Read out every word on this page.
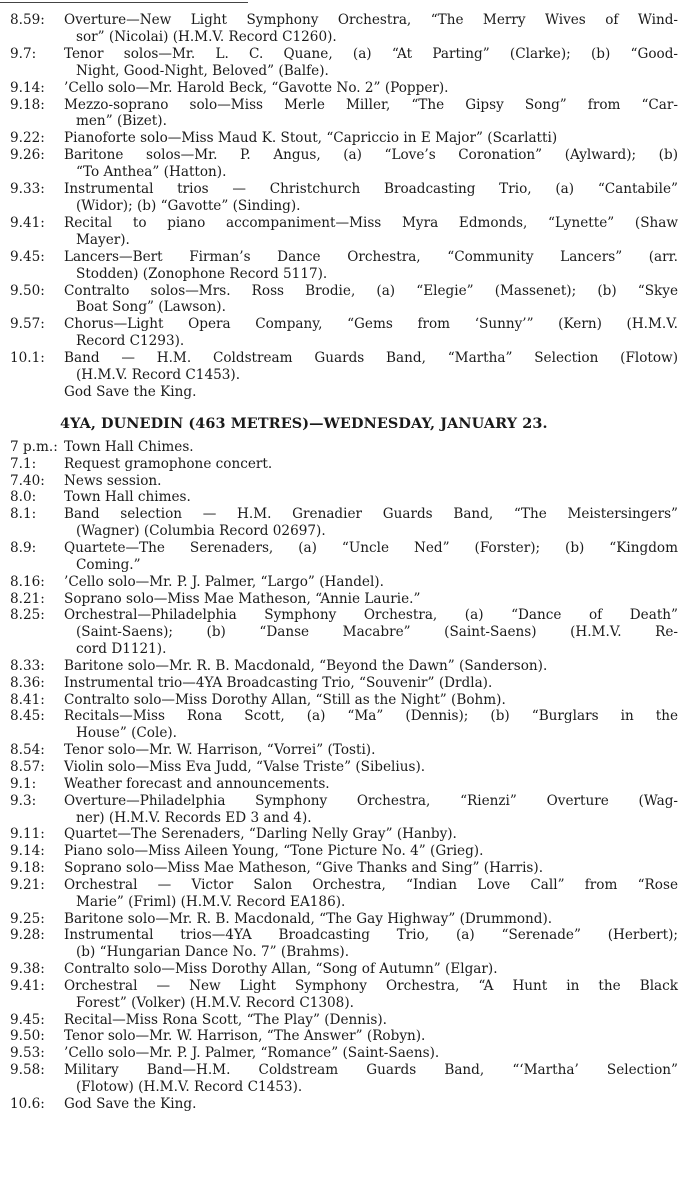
8.59:	Overture—New Light Symphony Orchestra, “The Merry Wives of Wind-
sor” (Nicolai) (H.M.V. Record C1260).
9.7:	Tenor solos—Mr. L. C. Quane, (a) “At Parting” (Clarke); (b) “Good-
Night, Good-Night, Beloved” (Balfe).
9.14:	’Cello solo—Mr. Harold Beck, “Gavotte No. 2” (Popper).
9.18:	Mezzo-soprano solo—Miss Merle Miller, “The Gipsy Song” from “Car-
men” (Bizet).
9.22:	Pianoforte solo—Miss Maud K. Stout, “Capriccio in E Major” (Scarlatti)
9.26:	Baritone solos—Mr. P. Angus, (a) “Love’s Coronation” (Aylward); (b)
“To Anthea” (Hatton).
9.33:	Instrumental trios — Christchurch Broadcasting Trio, (a) “Cantabile”
(Widor); (b) “Gavotte” (Sinding).
9.41:	Recital to piano accompaniment—Miss Myra Edmonds, “Lynette” (Shaw
Mayer).
9.45:	Lancers—Bert Firman’s Dance Orchestra, “Community Lancers” (arr.
Stodden) (Zonophone Record 5117).
9.50:	Contralto solos—Mrs. Ross Brodie, (a) “Elegie” (Massenet); (b) “Skye
Boat Song” (Lawson).
9.57:	Chorus—Light Opera Company, “Gems from ‘Sunny’” (Kern) (H.M.V.
Record C1293).
10.1:	Band — H.M. Coldstream Guards Band, “Martha” Selection (Flotow)
(H.M.V. Record C1453).
God Save the King.
4YA, DUNEDIN (463 METRES)—WEDNESDAY, JANUARY 23.
7 p.m.: Town Hall Chimes.
7.1:	Request gramophone concert.
7.40:	News session.
8.0:	Town Hall chimes.
8.1:	Band selection — H.M. Grenadier Guards Band, “The Meistersingers”
(Wagner) (Columbia Record 02697).
8.9:	Quartete—The Serenaders, (a) “Uncle Ned” (Forster); (b) “Kingdom
Coming.”
8.16:	’Cello solo—Mr. P. J. Palmer, “Largo” (Handel).
8.21:	Soprano solo—Miss Mae Matheson, “Annie Laurie.”
8.25:	Orchestral—Philadelphia Symphony Orchestra, (a) “Dance of Death”
(Saint-Saens); (b) “Danse Macabre” (Saint-Saens) (H.M.V. Re-
cord D1121).
8.33:	Baritone solo—Mr. R. B. Macdonald, “Beyond the Dawn” (Sanderson).
8.36:	Instrumental trio—4YA Broadcasting Trio, “Souvenir” (Drdla).
8.41:	Contralto solo—Miss Dorothy Allan, “Still as the Night” (Bohm).
8.45:	Recitals—Miss Rona Scott, (a) “Ma” (Dennis); (b) “Burglars in the
House” (Cole).
8.54:	Tenor solo—Mr. W. Harrison, “Vorrei” (Tosti).
8.57:	Violin solo—Miss Eva Judd, “Valse Triste” (Sibelius).
9.1:	Weather forecast and announcements.
9.3:	Overture—Philadelphia Symphony Orchestra, “Rienzi” Overture (Wag-
ner) (H.M.V. Records ED 3 and 4).
9.11:	Quartet—The Serenaders, “Darling Nelly Gray” (Hanby).
9.14:	Piano solo—Miss Aileen Young, “Tone Picture No. 4” (Grieg).
9.18:	Soprano solo—Miss Mae Matheson, “Give Thanks and Sing” (Harris).
9.21:	Orchestral — Victor Salon Orchestra, “Indian Love Call” from “Rose
Marie” (Friml) (H.M.V. Record EA186).
9.25:	Baritone solo—Mr. R. B. Macdonald, “The Gay Highway” (Drummond).
9.28:	Instrumental trios—4YA Broadcasting Trio, (a) “Serenade” (Herbert);
(b) “Hungarian Dance No. 7” (Brahms).
9.38:	Contralto solo—Miss Dorothy Allan, “Song of Autumn” (Elgar).
9.41:	Orchestral — New Light Symphony Orchestra, “A Hunt in the Black
Forest” (Volker) (H.M.V. Record C1308).
9.45:	Recital—Miss Rona Scott, “The Play” (Dennis).
9.50:	Tenor solo—Mr. W. Harrison, “The Answer” (Robyn).
9.53:	’Cello solo—Mr. P. J. Palmer, “Romance” (Saint-Saens).
9.58:	Military Band—H.M. Coldstream Guards Band, “‘Martha’ Selection”
(Flotow) (H.M.V. Record C1453).
10.6:	God Save the King.
